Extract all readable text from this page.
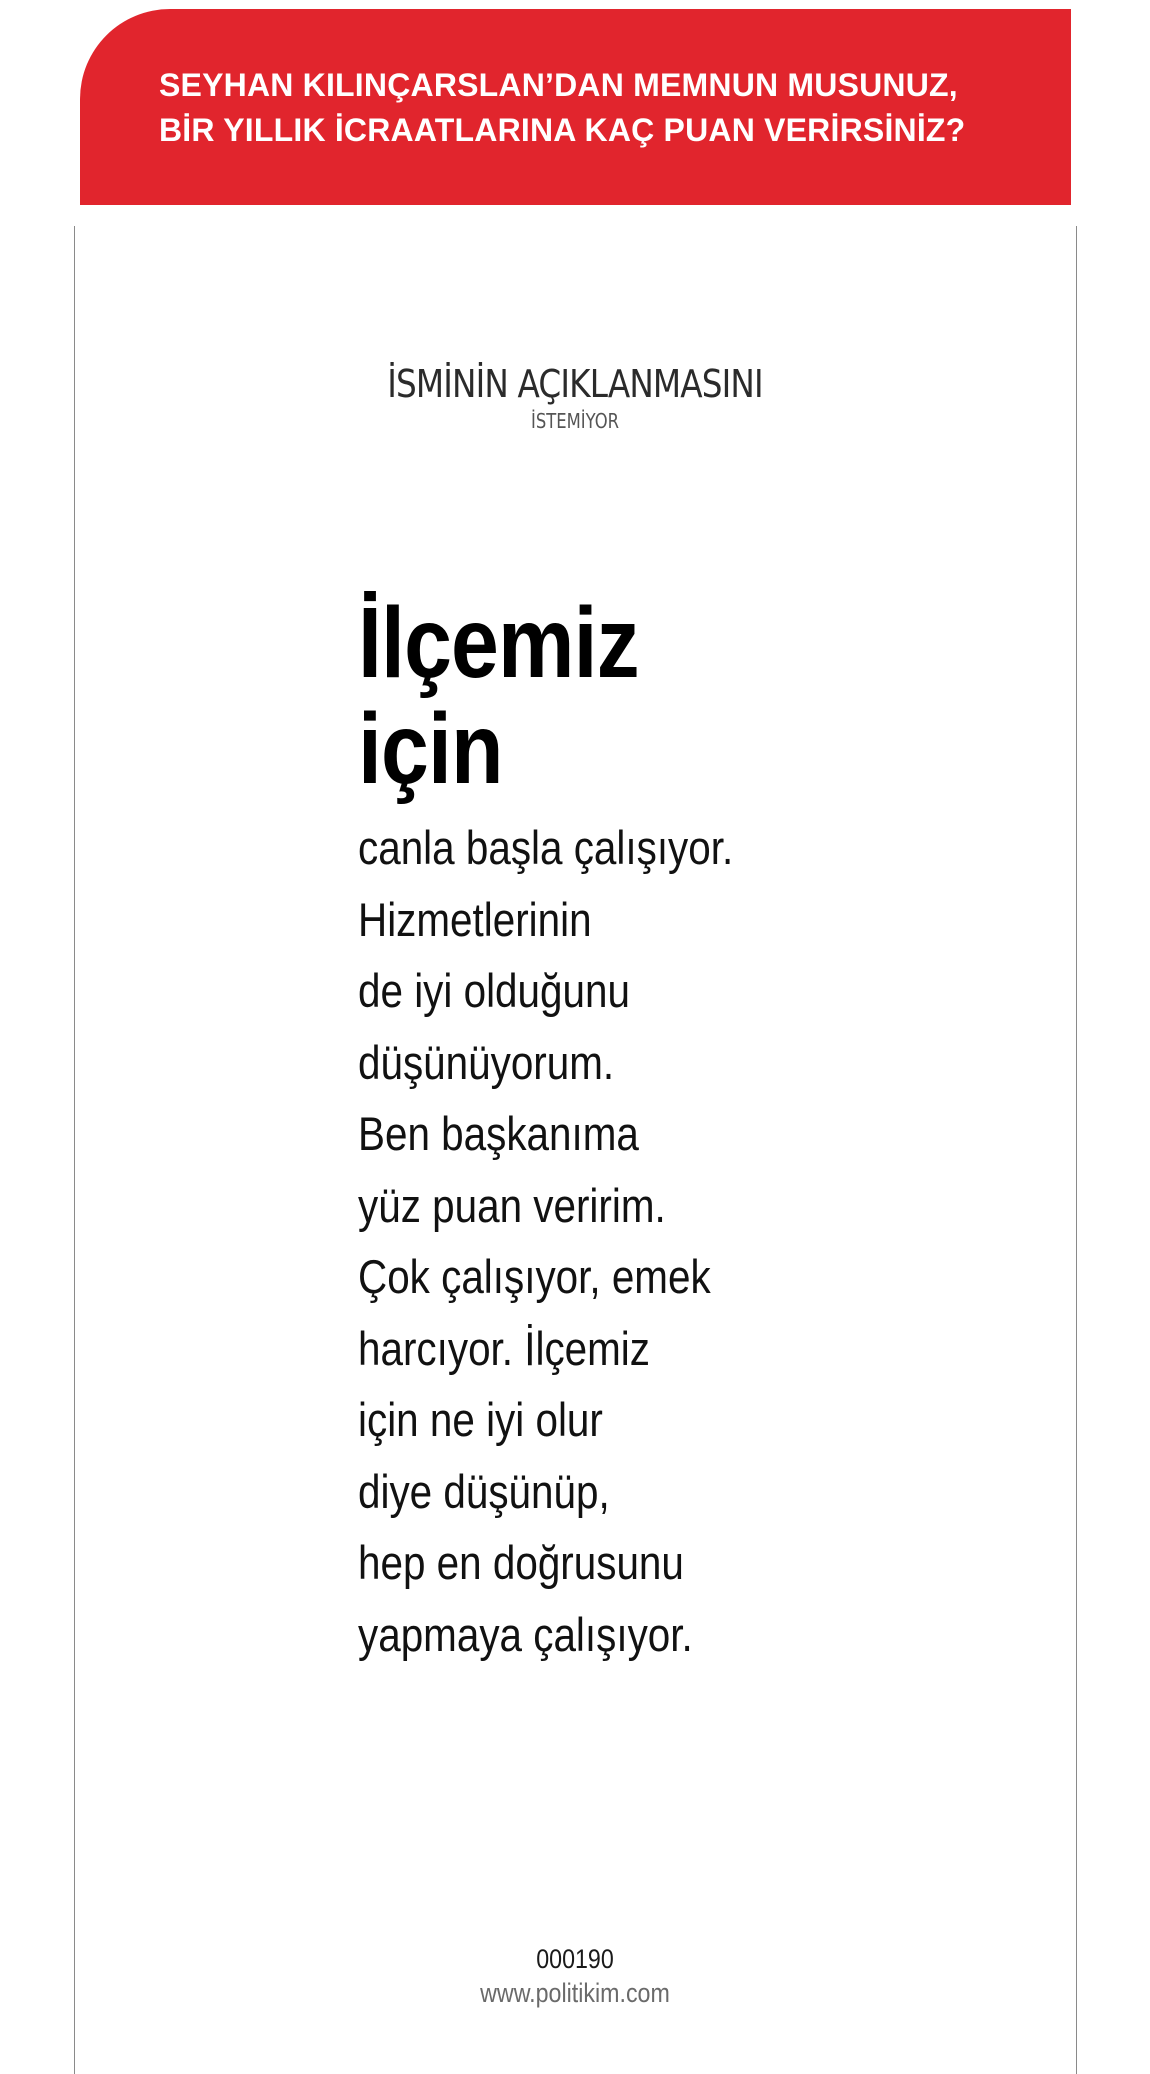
SEYHAN KILINÇARSLAN’DAN MEMNUN MUSUNUZ,
BİR YILLIK İCRAATLARINA KAÇ PUAN VERİRSİNİZ?
İSMİNİN AÇIKLANMASINI
İSTEMİYOR
İlçemiz
için
canla başla çalışıyor.
Hizmetlerinin
de iyi olduğunu
düşünüyorum.
Ben başkanıma
yüz puan veririm.
Çok çalışıyor, emek
harcıyor. İlçemiz
için ne iyi olur
diye düşünüp,
hep en doğrusunu
yapmaya çalışıyor.
000190
www.politikim.com
